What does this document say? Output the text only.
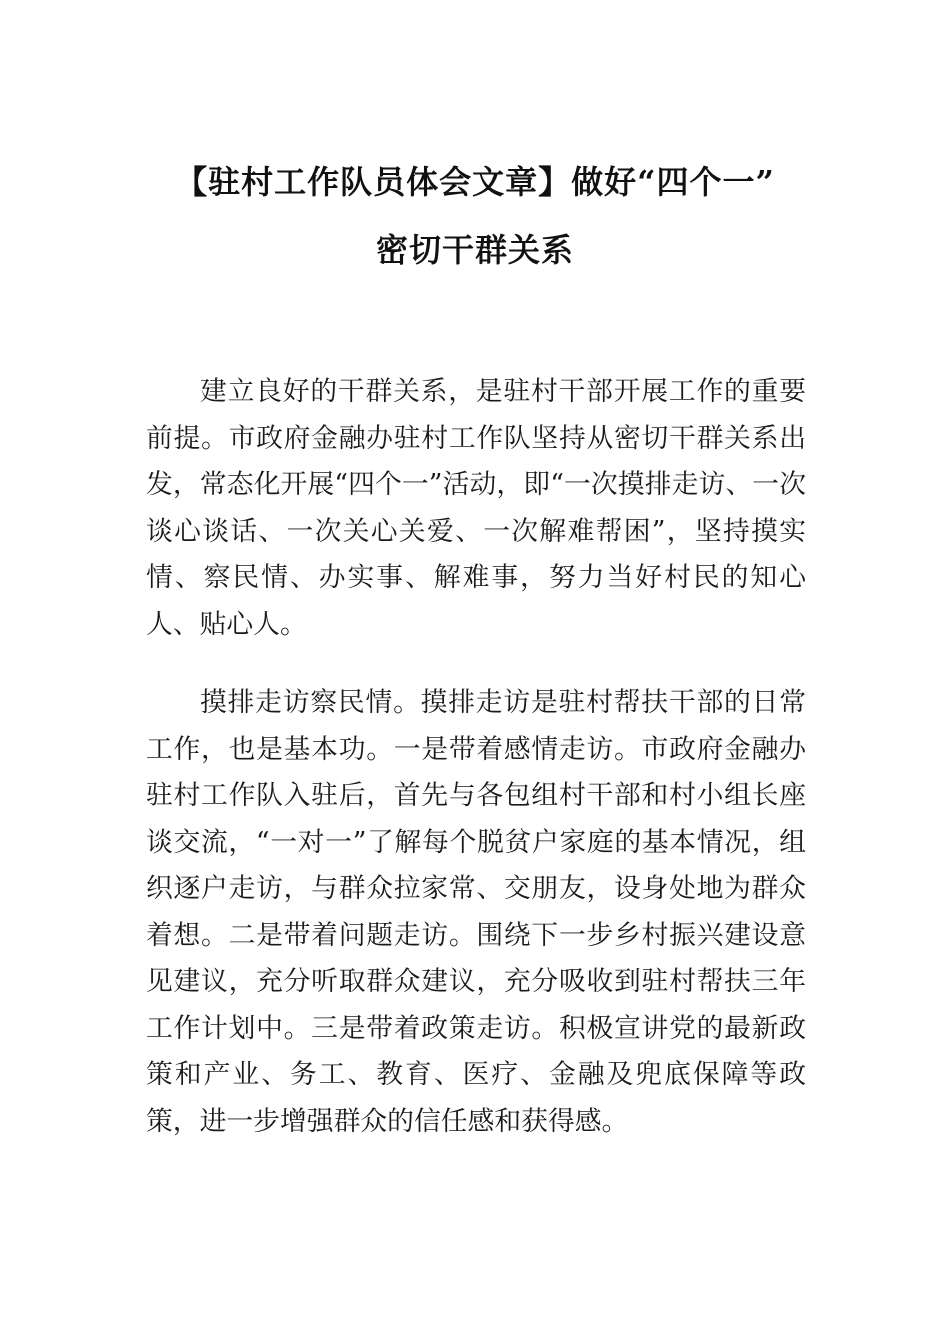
【驻村工作队员体会文章】做好“四个一”
密切干群关系

建立良好的干群关系，是驻村干部开展工作的重要前提。市政府金融办驻村工作队坚持从密切干群关系出发，常态化开展“四个一”活动，即“一次摸排走访、一次谈心谈话、一次关心关爱、一次解难帮困”，坚持摸实情、察民情、办实事、解难事，努力当好村民的知心人、贴心人。

摸排走访察民情。摸排走访是驻村帮扶干部的日常工作，也是基本功。一是带着感情走访。市政府金融办驻村工作队入驻后，首先与各包组村干部和村小组长座谈交流，“一对一”了解每个脱贫户家庭的基本情况，组织逐户走访，与群众拉家常、交朋友，设身处地为群众着想。二是带着问题走访。围绕下一步乡村振兴建设意见建议，充分听取群众建议，充分吸收到驻村帮扶三年工作计划中。三是带着政策走访。积极宣讲党的最新政策和产业、务工、教育、医疗、金融及兜底保障等政策，进一步增强群众的信任感和获得感。
